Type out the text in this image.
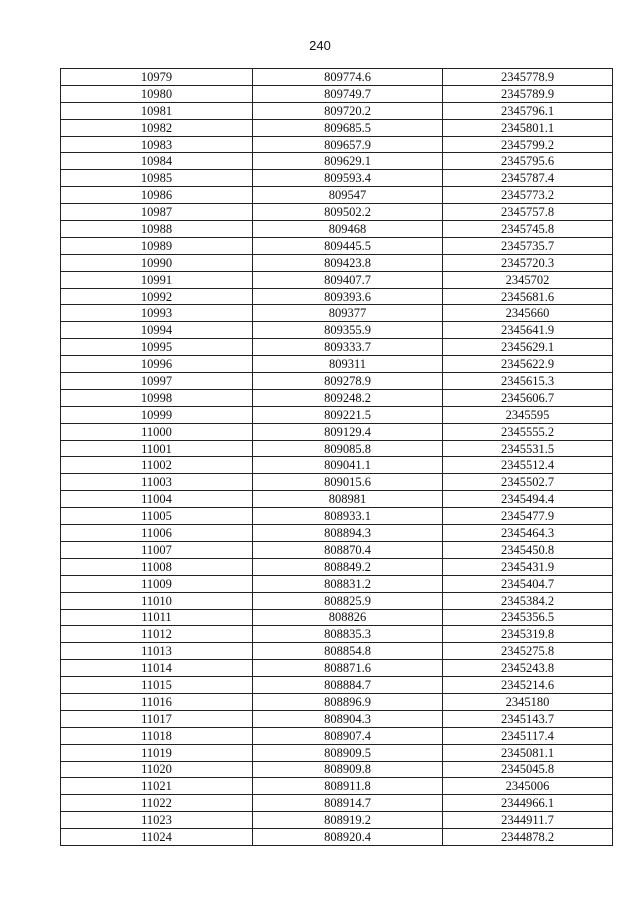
240
10979	809774.6	2345778.9
10980	809749.7	2345789.9
10981	809720.2	2345796.1
10982	809685.5	2345801.1
10983	809657.9	2345799.2
10984	809629.1	2345795.6
10985	809593.4	2345787.4
10986	809547	2345773.2
10987	809502.2	2345757.8
10988	809468	2345745.8
10989	809445.5	2345735.7
10990	809423.8	2345720.3
10991	809407.7	2345702
10992	809393.6	2345681.6
10993	809377	2345660
10994	809355.9	2345641.9
10995	809333.7	2345629.1
10996	809311	2345622.9
10997	809278.9	2345615.3
10998	809248.2	2345606.7
10999	809221.5	2345595
11000	809129.4	2345555.2
11001	809085.8	2345531.5
11002	809041.1	2345512.4
11003	809015.6	2345502.7
11004	808981	2345494.4
11005	808933.1	2345477.9
11006	808894.3	2345464.3
11007	808870.4	2345450.8
11008	808849.2	2345431.9
11009	808831.2	2345404.7
11010	808825.9	2345384.2
11011	808826	2345356.5
11012	808835.3	2345319.8
11013	808854.8	2345275.8
11014	808871.6	2345243.8
11015	808884.7	2345214.6
11016	808896.9	2345180
11017	808904.3	2345143.7
11018	808907.4	2345117.4
11019	808909.5	2345081.1
11020	808909.8	2345045.8
11021	808911.8	2345006
11022	808914.7	2344966.1
11023	808919.2	2344911.7
11024	808920.4	2344878.2
